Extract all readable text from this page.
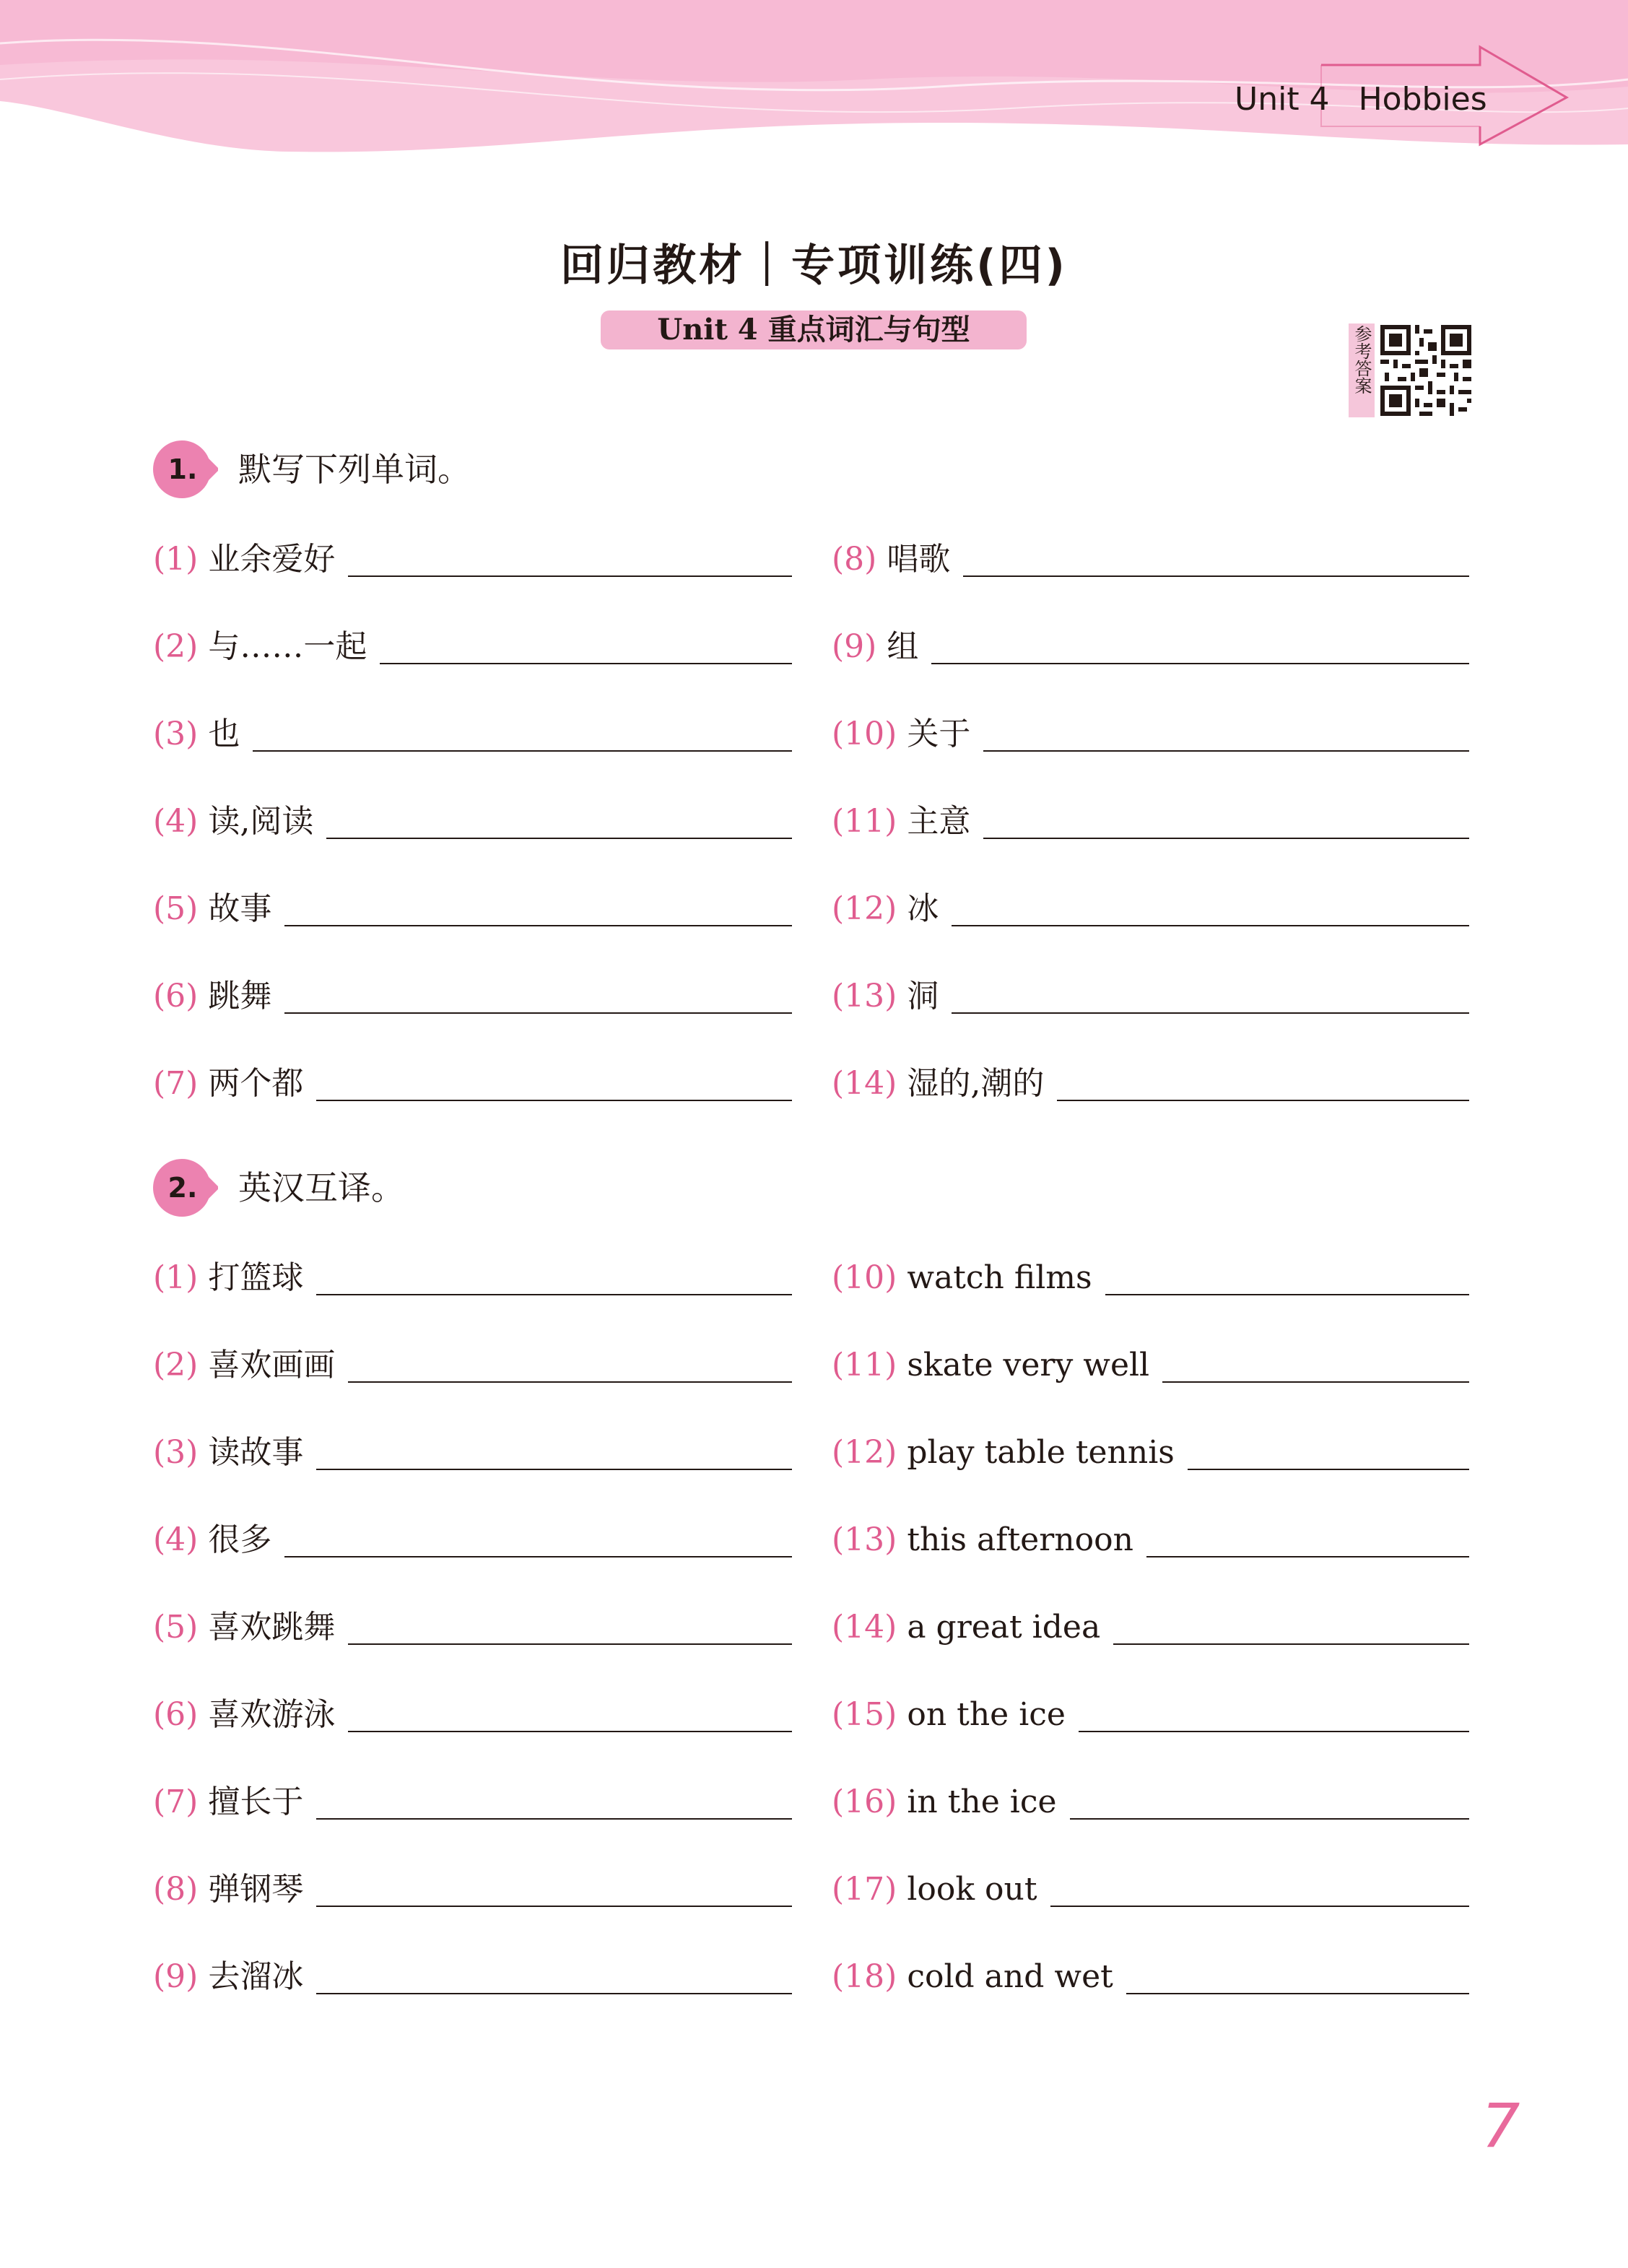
Unit 4 Hobbies
回归教材｜专项训练(四)
Unit 4 重点词汇与句型	参考答案
1.	默写下列单词。
(1) 业余爱好
(2) 与……一起
(3) 也
(4) 读,阅读
(5) 故事
(6) 跳舞
(7) 两个都
(8) 唱歌
(9) 组
(10) 关于
(11) 主意
(12) 冰
(13) 洞
(14) 湿的,潮的
2.	英汉互译。
(1) 打篮球
(2) 喜欢画画
(3) 读故事
(4) 很多
(5) 喜欢跳舞
(6) 喜欢游泳
(7) 擅长于
(8) 弹钢琴
(9) 去溜冰
(10) watch films
(11) skate very well
(12) play table tennis
(13) this afternoon
(14) a great idea
(15) on the ice
(16) in the ice
(17) look out
(18) cold and wet
7
